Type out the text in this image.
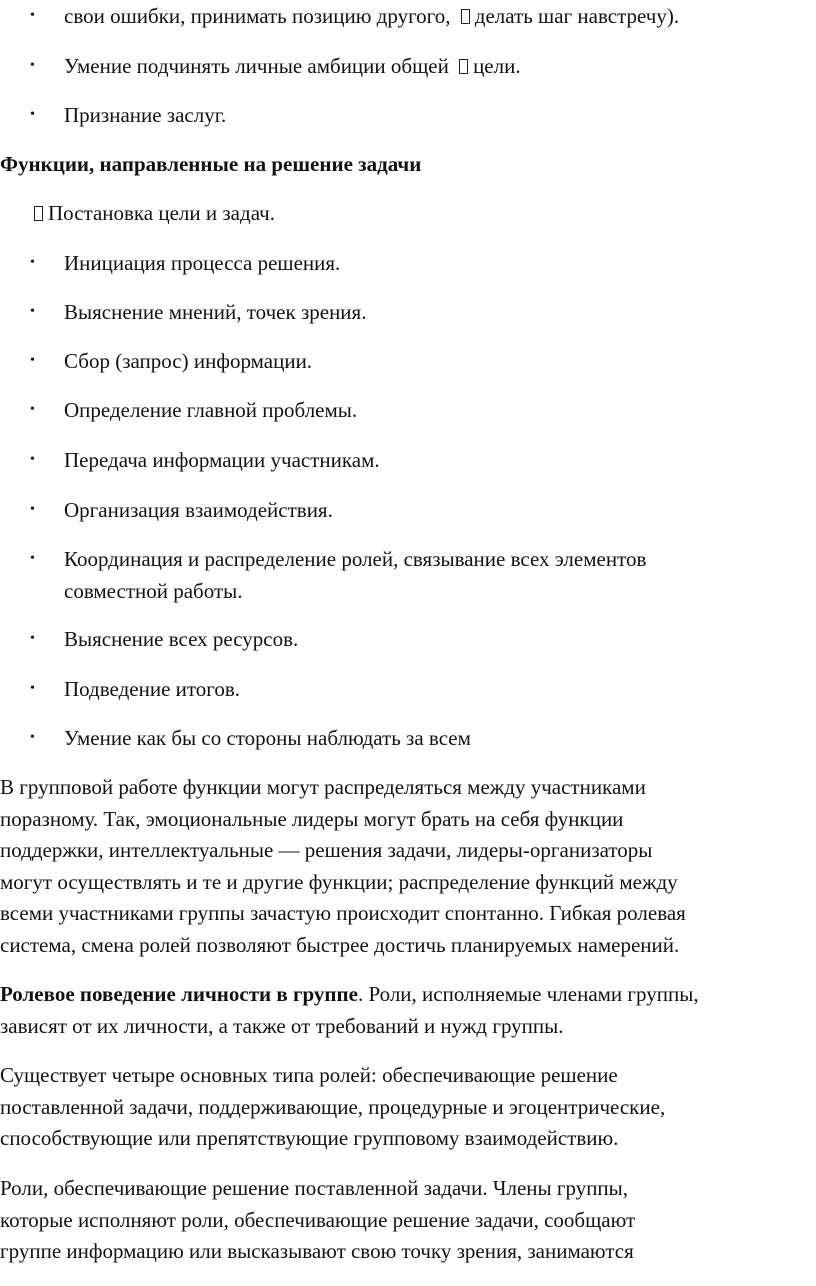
• свои ошибки, принимать позицию другого, делать шаг навстречу).
• Умение подчинять личные амбиции общей цели.
• Признание заслуг.
Функции, направленные на решение задачи
Постановка цели и задач.
• Инициация процесса решения.
• Выяснение мнений, точек зрения.
• Сбор (запрос) информации.
• Определение главной проблемы.
• Передача информации участникам.
• Организация взаимодействия.
• Координация и распределение ролей, связывание всех элементов
совместной работы.
• Выяснение всех ресурсов.
• Подведение итогов.
• Умение как бы со стороны наблюдать за всем
В групповой работе функции могут распределяться между участниками
поразному. Так, эмоциональные лидеры могут брать на себя функции
поддержки, интеллектуальные — решения задачи, лидеры-организаторы
могут осуществлять и те и другие функции; распределение функций между
всеми участниками группы зачастую происходит спонтанно. Гибкая ролевая
система, смена ролей позволяют быстрее достичь планируемых намерений.
Ролевое поведение личности в группе. Роли, исполняемые членами группы,
зависят от их личности, а также от требований и нужд группы.
Существует четыре основных типа ролей: обеспечивающие решение
поставленной задачи, поддерживающие, процедурные и эгоцентрические,
способствующие или препятствующие групповому взаимодействию.
Роли, обеспечивающие решение поставленной задачи. Члены группы,
которые исполняют роли, обеспечивающие решение задачи, сообщают
группе информацию или высказывают свою точку зрения, занимаются
